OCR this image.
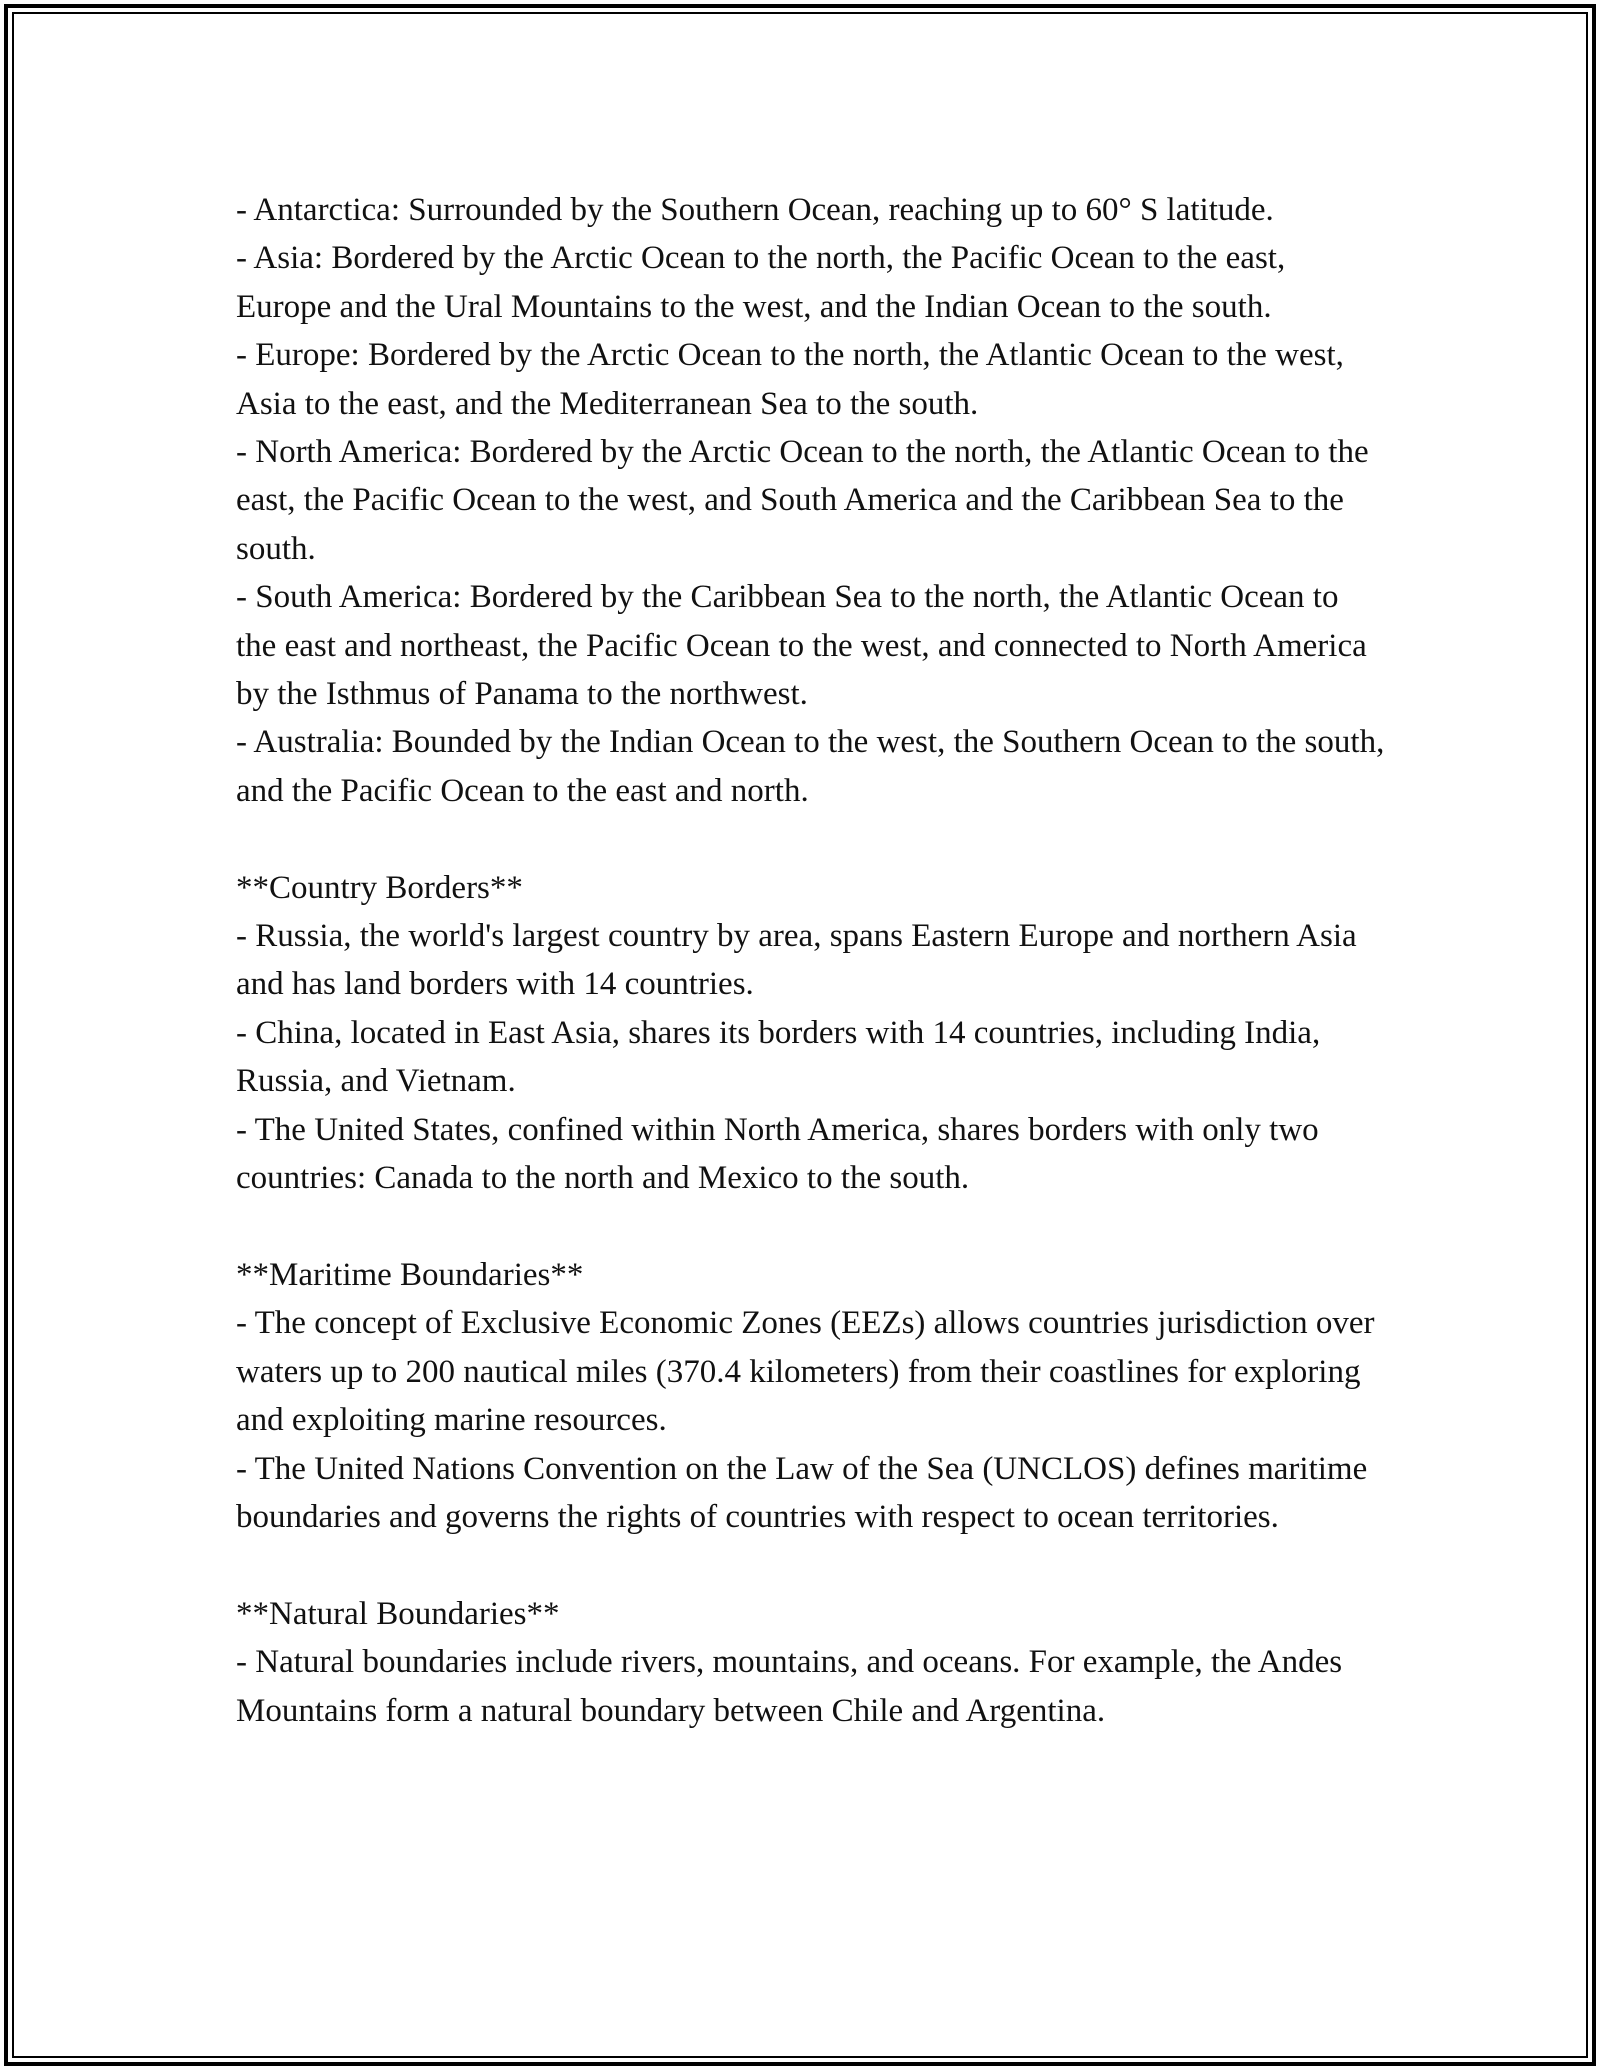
- Antarctica: Surrounded by the Southern Ocean, reaching up to 60° S latitude.

- Asia: Bordered by the Arctic Ocean to the north, the Pacific Ocean to the east, Europe and the Ural Mountains to the west, and the Indian Ocean to the south.

- Europe: Bordered by the Arctic Ocean to the north, the Atlantic Ocean to the west, Asia to the east, and the Mediterranean Sea to the south.

- North America: Bordered by the Arctic Ocean to the north, the Atlantic Ocean to the east, the Pacific Ocean to the west, and South America and the Caribbean Sea to the south.

- South America: Bordered by the Caribbean Sea to the north, the Atlantic Ocean to the east and northeast, the Pacific Ocean to the west, and connected to North America by the Isthmus of Panama to the northwest.

- Australia: Bounded by the Indian Ocean to the west, the Southern Ocean to the south, and the Pacific Ocean to the east and north.

**Country Borders**

- Russia, the world's largest country by area, spans Eastern Europe and northern Asia and has land borders with 14 countries.

- China, located in East Asia, shares its borders with 14 countries, including India, Russia, and Vietnam.

- The United States, confined within North America, shares borders with only two countries: Canada to the north and Mexico to the south.

**Maritime Boundaries**

- The concept of Exclusive Economic Zones (EEZs) allows countries jurisdiction over waters up to 200 nautical miles (370.4 kilometers) from their coastlines for exploring and exploiting marine resources.

- The United Nations Convention on the Law of the Sea (UNCLOS) defines maritime boundaries and governs the rights of countries with respect to ocean territories.

**Natural Boundaries**

- Natural boundaries include rivers, mountains, and oceans. For example, the Andes Mountains form a natural boundary between Chile and Argentina.
